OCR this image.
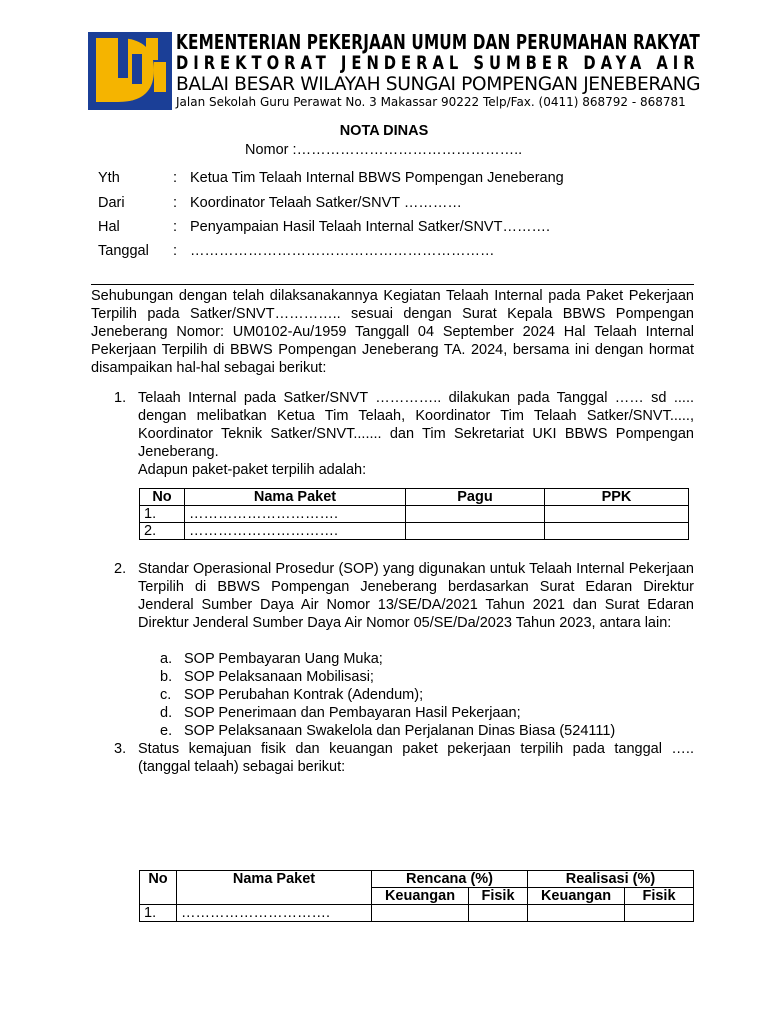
KEMENTERIAN PEKERJAAN UMUM DAN PERUMAHAN RAKYAT
DIREKTORAT JENDERAL SUMBER DAYA AIR
BALAI BESAR WILAYAH SUNGAI POMPENGAN JENEBERANG
Jalan Sekolah Guru Perawat No. 3 Makassar 90222 Telp/Fax. (0411) 868792 - 868781
NOTA DINAS
Nomor :………………………………………..
Yth	: Ketua Tim Telaah Internal BBWS Pompengan Jeneberang
Dari	: Koordinator Telaah Satker/SNVT …………
Hal	: Penyampaian Hasil Telaah Internal Satker/SNVT……….
Tanggal : ………………………………………………………
Sehubungan dengan telah dilaksanakannya Kegiatan Telaah Internal pada Paket Pekerjaan Terpilih pada Satker/SNVT………….. sesuai dengan Surat Kepala BBWS Pompengan Jeneberang Nomor: UM0102-Au/1959 Tanggall 04 September 2024 Hal Telaah Internal Pekerjaan Terpilih di BBWS Pompengan Jeneberang TA. 2024, bersama ini dengan hormat disampaikan hal-hal sebagai berikut:
1. Telaah Internal pada Satker/SNVT ………….. dilakukan pada Tanggal …… sd ..... dengan melibatkan Ketua Tim Telaah, Koordinator Tim Telaah Satker/SNVT....., Koordinator Teknik Satker/SNVT....... dan Tim Sekretariat UKI BBWS Pompengan Jeneberang.
Adapun paket-paket terpilih adalah:
No	Nama Paket	Pagu	PPK
1.	………………………….		
2.	………………………….		
2. Standar Operasional Prosedur (SOP) yang digunakan untuk Telaah Internal Pekerjaan Terpilih di BBWS Pompengan Jeneberang berdasarkan Surat Edaran Direktur Jenderal Sumber Daya Air Nomor 13/SE/DA/2021 Tahun 2021 dan Surat Edaran Direktur Jenderal Sumber Daya Air Nomor 05/SE/Da/2023 Tahun 2023, antara lain:
a. SOP Pembayaran Uang Muka;
b. SOP Pelaksanaan Mobilisasi;
c. SOP Perubahan Kontrak (Adendum);
d. SOP Penerimaan dan Pembayaran Hasil Pekerjaan;
e. SOP Pelaksanaan Swakelola dan Perjalanan Dinas Biasa (524111)
3. Status kemajuan fisik dan keuangan paket pekerjaan terpilih pada tanggal ….. (tanggal telaah) sebagai berikut:
No	Nama Paket	Rencana (%)		Realisasi (%)	
		Keuangan	Fisik	Keuangan	Fisik
1.	………………………….				
